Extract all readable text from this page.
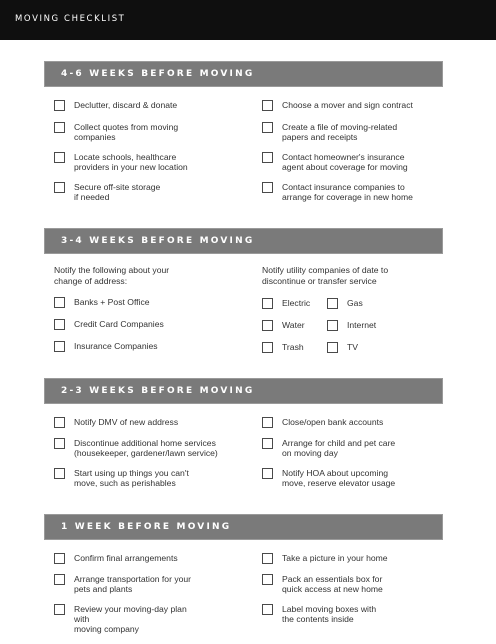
MOVING CHECKLIST
4-6 WEEKS BEFORE MOVING
Declutter, discard & donate
Collect quotes from moving
companies
Locate schools, healthcare
providers in your new location
Secure off-site storage
if needed
Choose a mover and sign contract
Create a file of moving-related
papers and receipts
Contact homeowner's insurance
agent about coverage for moving
Contact insurance companies to
arrange for coverage in new home
3-4 WEEKS BEFORE MOVING
Notify the following about your
change of address:
Notify utility companies of date to
discontinue or transfer service
Banks + Post Office
Credit Card Companies
Insurance Companies
Electric	Gas
Water	Internet
Trash	TV
2-3 WEEKS BEFORE MOVING
Notify DMV of new address
Discontinue additional home services
(housekeeper, gardener/lawn service)
Start using up things you can't
move, such as perishables
Close/open bank accounts
Arrange for child and pet care
on moving day
Notify HOA about upcoming
move, reserve elevator usage
1 WEEK BEFORE MOVING
Confirm final arrangements
Arrange transportation for your
pets and plants
Review your moving-day plan
with
moving company
Take a picture in your home
Pack an essentials box for
quick access at new home
Label moving boxes with
the contents inside
